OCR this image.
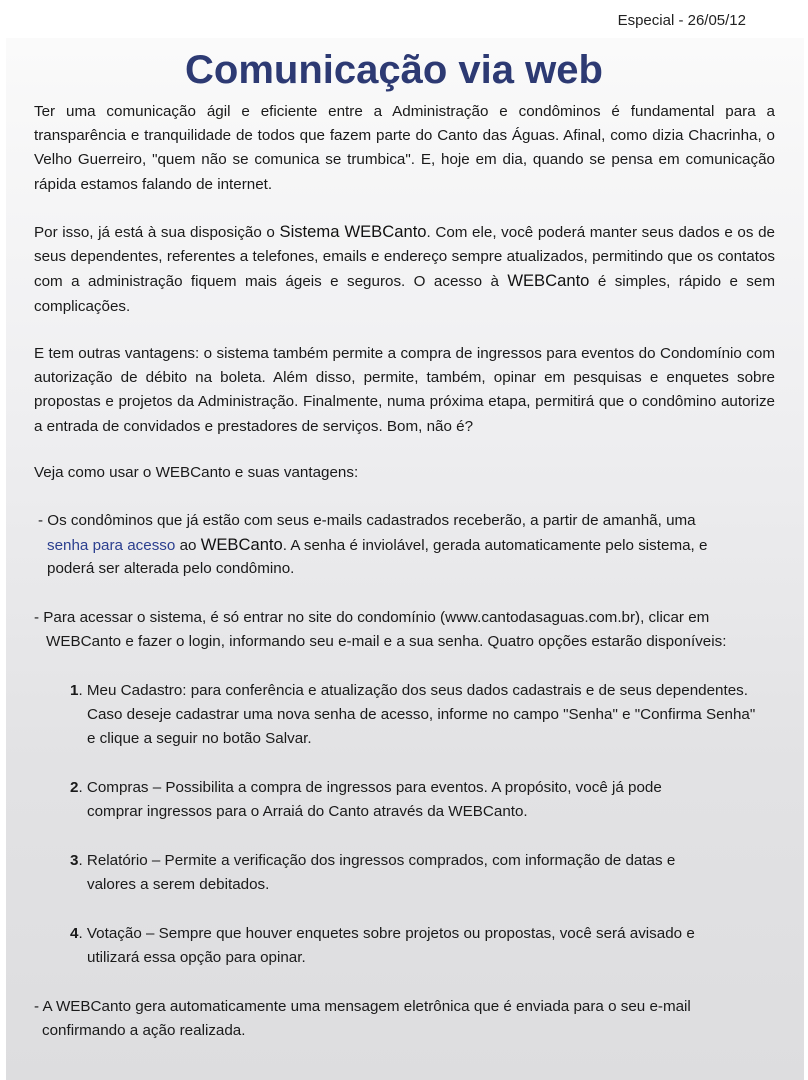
Especial - 26/05/12
Comunicação via web

Ter uma comunicação ágil e eficiente entre a Administração e condôminos é fundamental para a transparência e tranquilidade de todos que fazem parte do Canto das Águas. Afinal, como dizia Chacrinha, o Velho Guerreiro, "quem não se comunica se trumbica". E, hoje em dia, quando se pensa em comunicação rápida estamos falando de internet.

Por isso, já está à sua disposição o Sistema WEBCanto. Com ele, você poderá manter seus dados e os de seus dependentes, referentes a telefones, emails e endereço sempre atualizados, permitindo que os contatos com a administração fiquem mais ágeis e seguros. O acesso à WEBCanto é simples, rápido e sem complicações.

E tem outras vantagens: o sistema também permite a compra de ingressos para eventos do Condomínio com autorização de débito na boleta. Além disso, permite, também, opinar em pesquisas e enquetes sobre propostas e projetos da Administração. Finalmente, numa próxima etapa, permitirá que o condômino autorize a entrada de convidados e prestadores de serviços. Bom, não é?

Veja como usar o WEBCanto e suas vantagens:

- Os condôminos que já estão com seus e-mails cadastrados receberão, a partir de amanhã, uma
senha para acesso ao WEBCanto. A senha é inviolável, gerada automaticamente pelo sistema, e
poderá ser alterada pelo condômino.
- Para acessar o sistema, é só entrar no site do condomínio (www.cantodasaguas.com.br), clicar em
WEBCanto e fazer o login, informando seu e-mail e a sua senha. Quatro opções estarão disponíveis:
1. Meu Cadastro: para conferência e atualização dos seus dados cadastrais e de seus dependentes.
Caso deseje cadastrar uma nova senha de acesso, informe no campo "Senha" e "Confirma Senha"
e clique a seguir no botão Salvar.
2. Compras – Possibilita a compra de ingressos para eventos. A propósito, você já pode
comprar ingressos para o Arraiá do Canto através da WEBCanto.
3. Relatório – Permite a verificação dos ingressos comprados, com informação de datas e
valores a serem debitados.
4. Votação – Sempre que houver enquetes sobre projetos ou propostas, você será avisado e
utilizará essa opção para opinar.
- A WEBCanto gera automaticamente uma mensagem eletrônica que é enviada para o seu e-mail
confirmando a ação realizada.
